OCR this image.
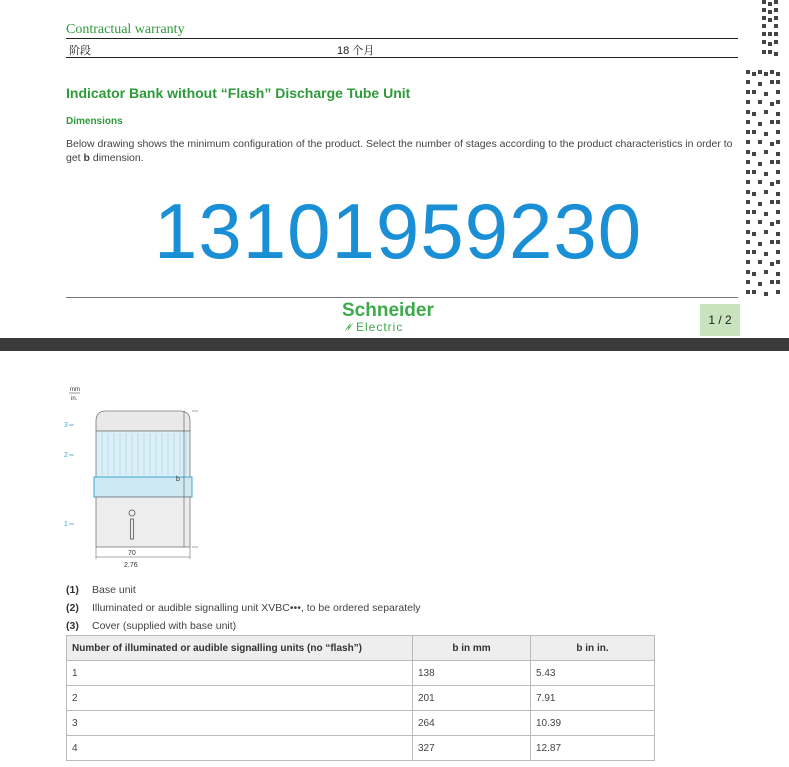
Contractual warranty
阶段	18 个月
Indicator Bank without “Flash” Discharge Tube Unit
Dimensions
Below drawing shows the minimum configuration of the product. Select the number of stages according to the product characteristics in order to get b dimension.
13101959230
Schneider
Electric	1 / 2
mm
in.
3
2
1
b
70
2.76
(1)	Base unit
(2)	Illuminated or audible signalling unit XVBC•••, to be ordered separately
(3)	Cover (supplied with base unit)
Number of illuminated or audible signalling units (no “flash”)	b in mm	b in in.
1	138	5.43
2	201	7.91
3	264	10.39
4	327	12.87
